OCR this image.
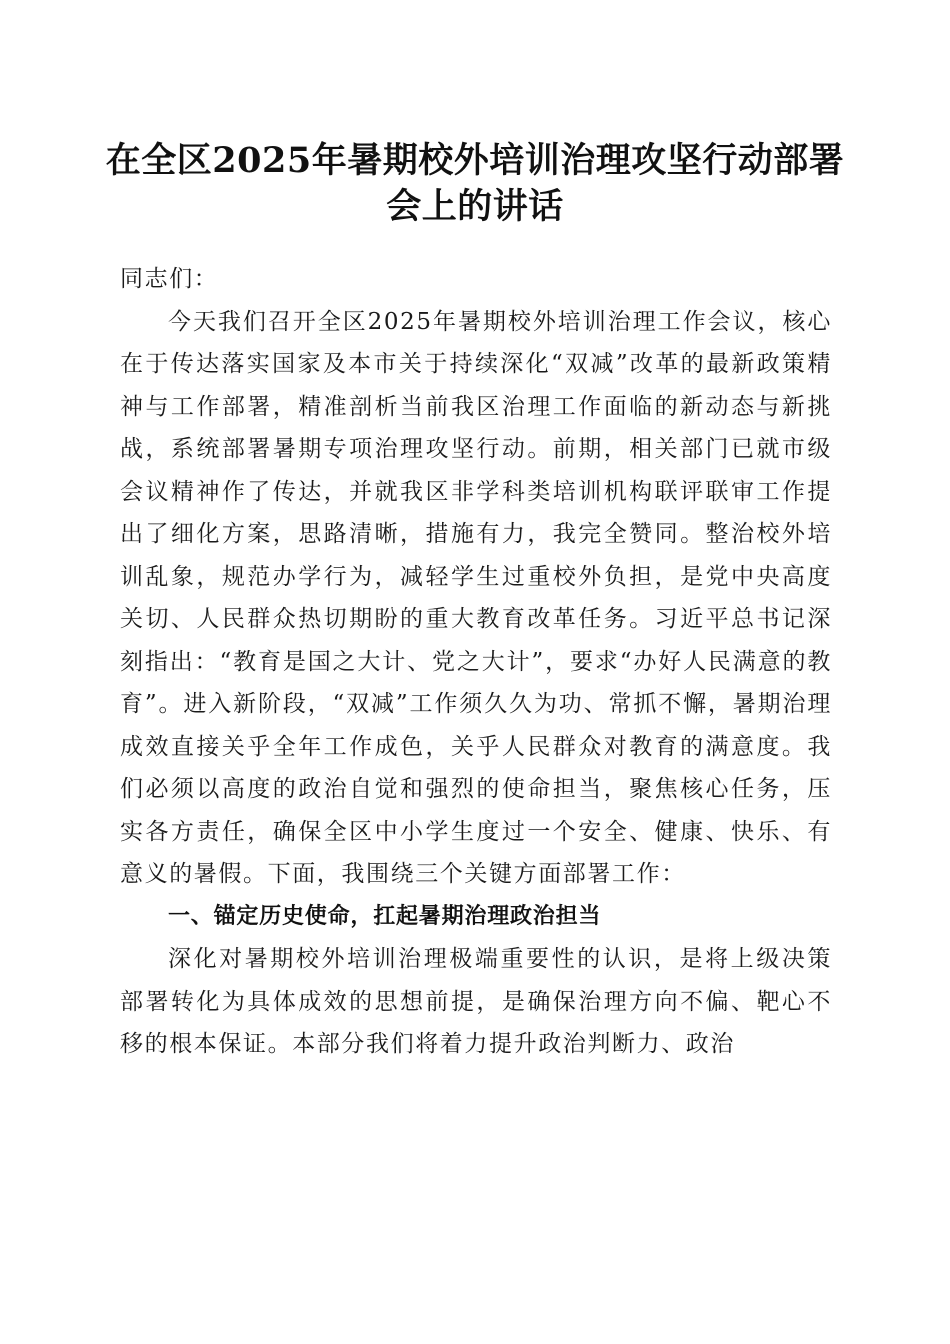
在全区2025年暑期校外培训治理攻坚行动部署会上的讲话

同志们：

今天我们召开全区2025年暑期校外培训治理工作会议，核心在于传达落实国家及本市关于持续深化“双减”改革的最新政策精神与工作部署，精准剖析当前我区治理工作面临的新动态与新挑战，系统部署暑期专项治理攻坚行动。前期，相关部门已就市级会议精神作了传达，并就我区非学科类培训机构联评联审工作提出了细化方案，思路清晰，措施有力，我完全赞同。整治校外培训乱象，规范办学行为，减轻学生过重校外负担，是党中央高度关切、人民群众热切期盼的重大教育改革任务。习近平总书记深刻指出：“教育是国之大计、党之大计”，要求“办好人民满意的教育”。进入新阶段，“双减”工作须久久为功、常抓不懈，暑期治理成效直接关乎全年工作成色，关乎人民群众对教育的满意度。我们必须以高度的政治自觉和强烈的使命担当，聚焦核心任务，压实各方责任，确保全区中小学生度过一个安全、健康、快乐、有意义的暑假。下面，我围绕三个关键方面部署工作：

一、锚定历史使命，扛起暑期治理政治担当

深化对暑期校外培训治理极端重要性的认识，是将上级决策部署转化为具体成效的思想前提，是确保治理方向不偏、靶心不移的根本保证。本部分我们将着力提升政治判断力、政治
